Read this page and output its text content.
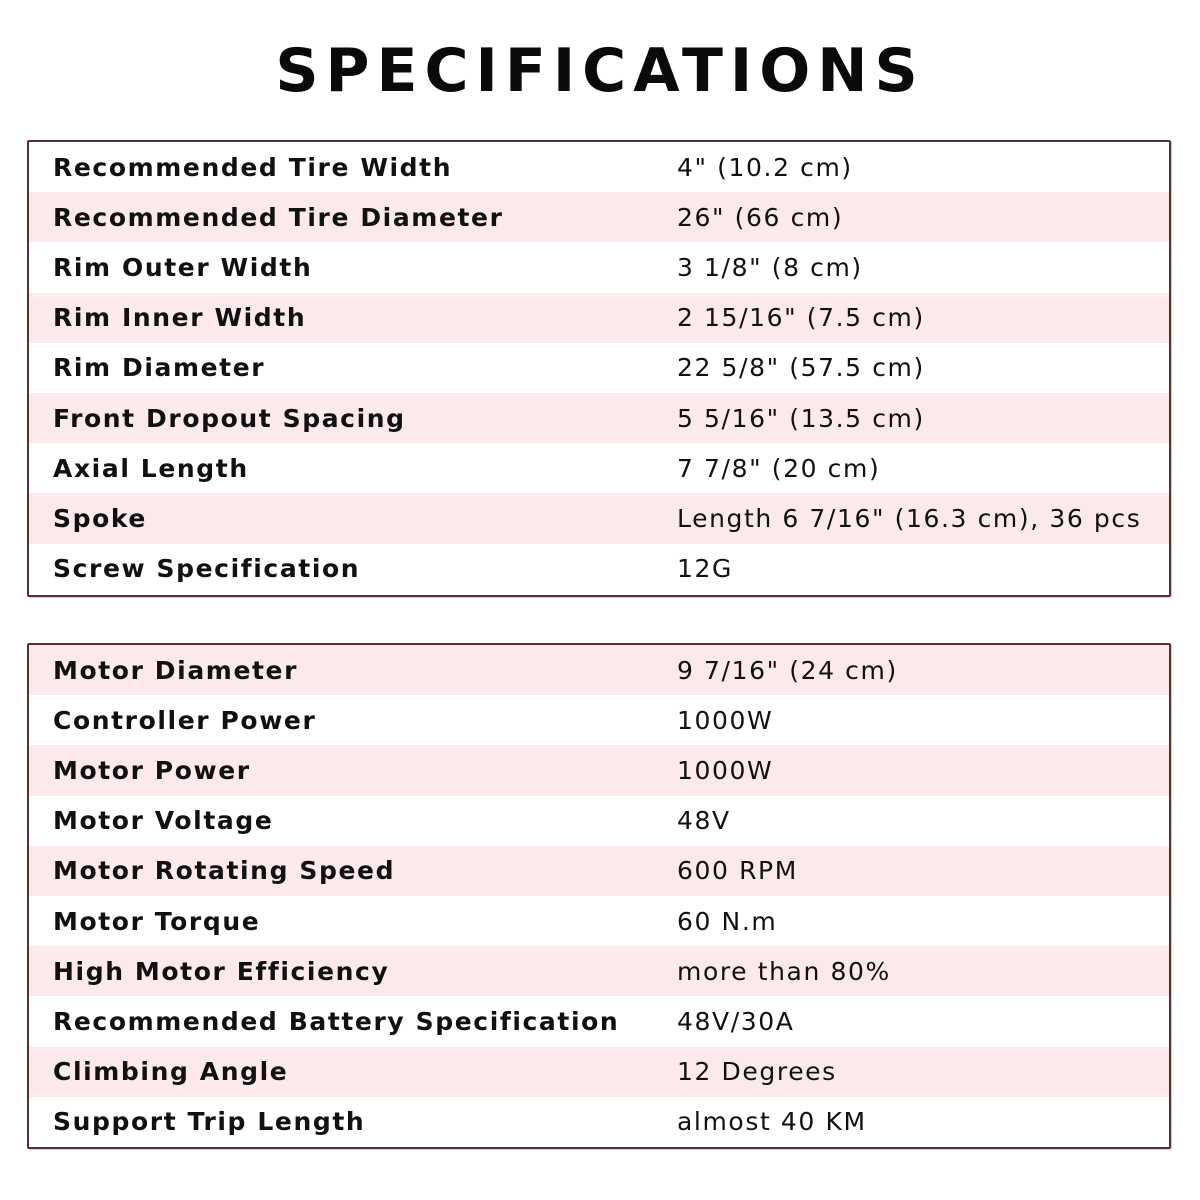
SPECIFICATIONS
Recommended Tire Width	4" (10.2 cm)
Recommended Tire Diameter	26" (66 cm)
Rim Outer Width	3 1/8" (8 cm)
Rim Inner Width	2 15/16" (7.5 cm)
Rim Diameter	22 5/8" (57.5 cm)
Front Dropout Spacing	5 5/16" (13.5 cm)
Axial Length	7 7/8" (20 cm)
Spoke	Length 6 7/16" (16.3 cm), 36 pcs
Screw Specification	12G
Motor Diameter	9 7/16" (24 cm)
Controller Power	1000W
Motor Power	1000W
Motor Voltage	48V
Motor Rotating Speed	600 RPM
Motor Torque	60 N.m
High Motor Efficiency	more than 80%
Recommended Battery Specification 48V/30A
Climbing Angle	12 Degrees
Support Trip Length	almost 40 KM
